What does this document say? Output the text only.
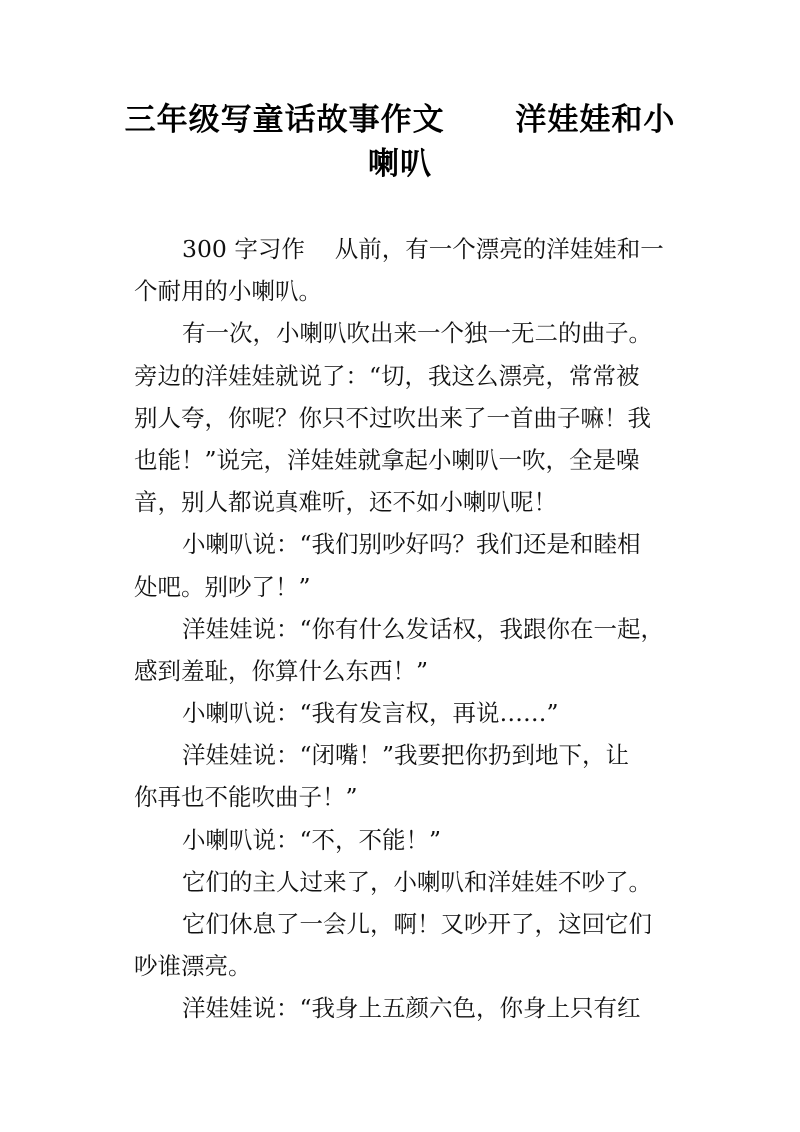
三年级写童话故事作文      洋娃娃和小
喇叭
300 字习作    从前，有一个漂亮的洋娃娃和一
个耐用的小喇叭。
有一次，小喇叭吹出来一个独一无二的曲子。
旁边的洋娃娃就说了：“切，我这么漂亮，常常被
别人夸，你呢？你只不过吹出来了一首曲子嘛！我
也能！”说完，洋娃娃就拿起小喇叭一吹，全是噪
音，别人都说真难听，还不如小喇叭呢！
小喇叭说：“我们别吵好吗？我们还是和睦相
处吧。别吵了！”
洋娃娃说：“你有什么发话权，我跟你在一起，
感到羞耻，你算什么东西！”
小喇叭说：“我有发言权，再说……”
洋娃娃说：“闭嘴！”我要把你扔到地下，让
你再也不能吹曲子！”
小喇叭说：“不，不能！”
它们的主人过来了，小喇叭和洋娃娃不吵了。
它们休息了一会儿，啊！又吵开了，这回它们
吵谁漂亮。
洋娃娃说：“我身上五颜六色，你身上只有红
